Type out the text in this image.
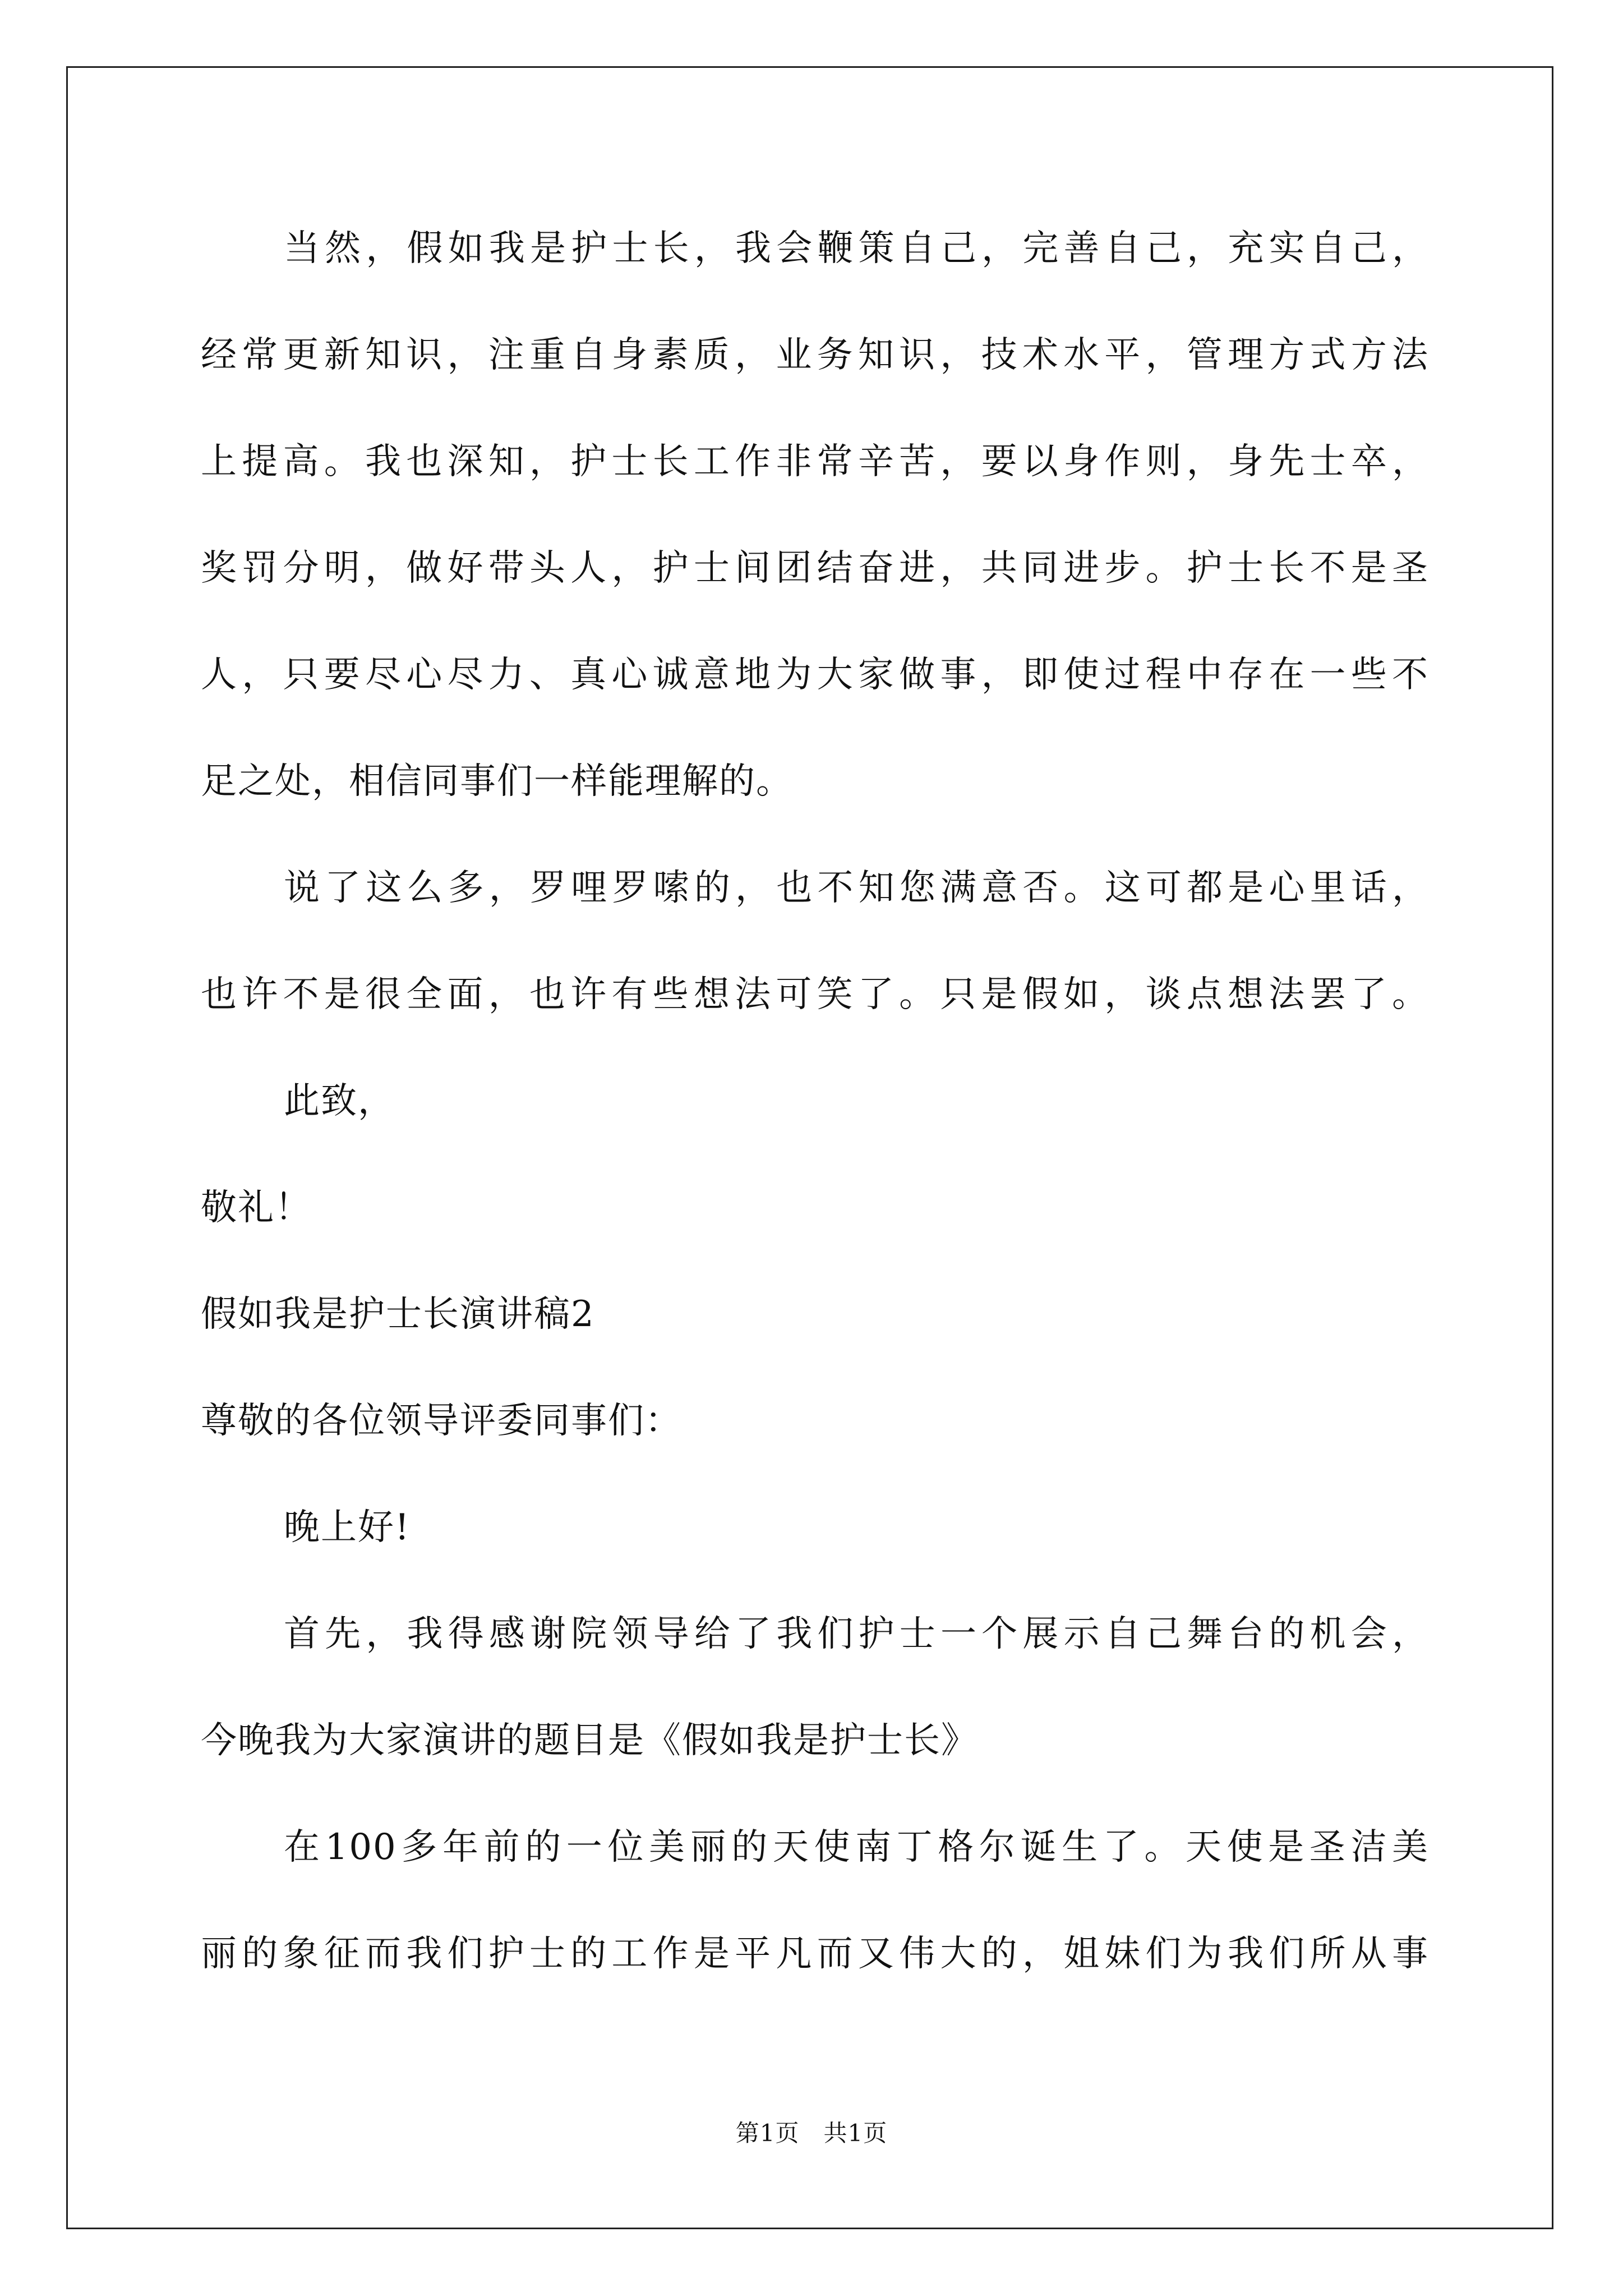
当然，假如我是护士长，我会鞭策自己，完善自己，充实自己，
经常更新知识，注重自身素质，业务知识，技术水平，管理方式方法
上提高。我也深知，护士长工作非常辛苦，要以身作则，身先士卒，
奖罚分明，做好带头人，护士间团结奋进，共同进步。护士长不是圣
人，只要尽心尽力、真心诚意地为大家做事，即使过程中存在一些不
足之处，相信同事们一样能理解的。
说了这么多，罗哩罗嗦的，也不知您满意否。这可都是心里话，
也许不是很全面，也许有些想法可笑了。只是假如，谈点想法罢了。
此致，
敬礼！
假如我是护士长演讲稿2
尊敬的各位领导评委同事们：
晚上好!
首先，我得感谢院领导给了我们护士一个展示自己舞台的机会，
今晚我为大家演讲的题目是《假如我是护士长》
在100多年前的一位美丽的天使南丁格尔诞生了。天使是圣洁美
丽的象征而我们护士的工作是平凡而又伟大的，姐妹们为我们所从事
第1页　共1页
